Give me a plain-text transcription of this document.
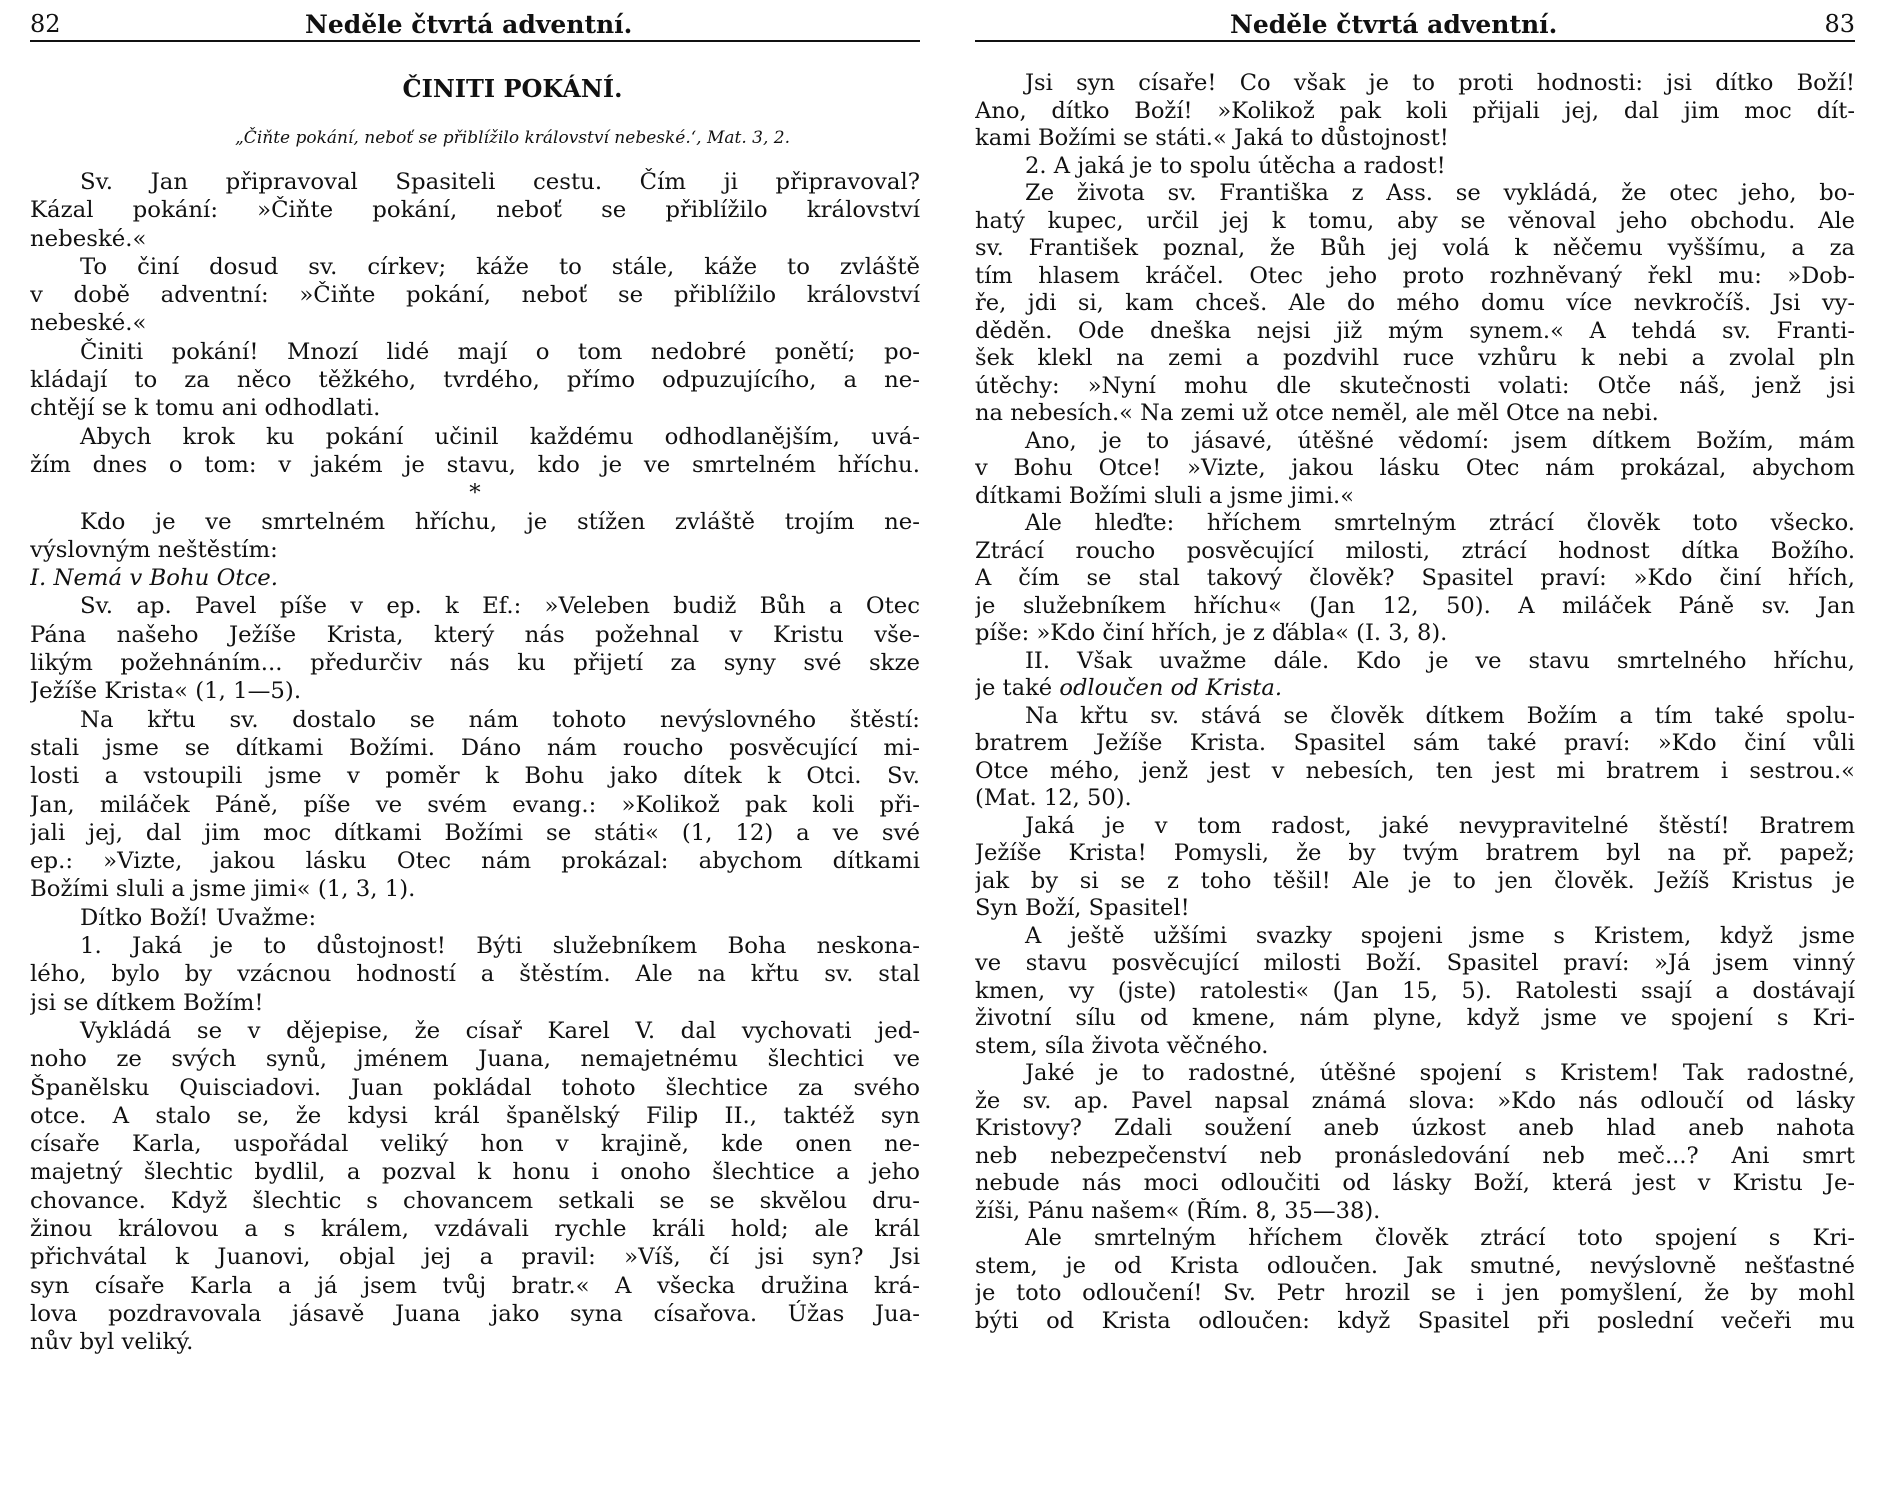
82	Neděle čtvrtá adventní.
ČINITI POKÁNÍ.
„Čiňte pokání, neboť se přiblížilo království nebeské.‘, Mat. 3, 2.
Sv. Jan připravoval Spasiteli cestu. Čím ji připravoval?
Kázal pokání: »Čiňte pokání, neboť se přiblížilo království
nebeské.«
To činí dosud sv. církev; káže to stále, káže to zvláště
v době adventní: »Čiňte pokání, neboť se přiblížilo království
nebeské.«
Činiti pokání! Mnozí lidé mají o tom nedobré ponětí; po-
kládají to za něco těžkého, tvrdého, přímo odpuzujícího, a ne-
chtějí se k tomu ani odhodlati.
Abych krok ku pokání učinil každému odhodlanějším, uvá-
žím dnes o tom: v jakém je stavu, kdo je ve smrtelném hříchu.
*
Kdo je ve smrtelném hříchu, je stížen zvláště trojím ne-
výslovným neštěstím:
I. Nemá v Bohu Otce.
Sv. ap. Pavel píše v ep. k Ef.: »Veleben budiž Bůh a Otec
Pána našeho Ježíše Krista, který nás požehnal v Kristu vše-
likým požehnáním... předurčiv nás ku přijetí za syny své skze
Ježíše Krista« (1, 1—5).
Na křtu sv. dostalo se nám tohoto nevýslovného štěstí:
stali jsme se dítkami Božími. Dáno nám roucho posvěcující mi-
losti a vstoupili jsme v poměr k Bohu jako dítek k Otci. Sv.
Jan, miláček Páně, píše ve svém evang.: »Kolikož pak koli při-
jali jej, dal jim moc dítkami Božími se státi« (1, 12) a ve své
ep.: »Vizte, jakou lásku Otec nám prokázal: abychom dítkami
Božími sluli a jsme jimi« (1, 3, 1).
Dítko Boží! Uvažme:
1. Jaká je to důstojnost! Býti služebníkem Boha neskona-
lého, bylo by vzácnou hodností a štěstím. Ale na křtu sv. stal
jsi se dítkem Božím!
Vykládá se v dějepise, že císař Karel V. dal vychovati jed-
noho ze svých synů, jménem Juana, nemajetnému šlechtici ve
Španělsku Quisciadovi. Juan pokládal tohoto šlechtice za svého
otce. A stalo se, že kdysi král španělský Filip II., taktéž syn
císaře Karla, uspořádal veliký hon v krajině, kde onen ne-
majetný šlechtic bydlil, a pozval k honu i onoho šlechtice a jeho
chovance. Když šlechtic s chovancem setkali se se skvělou dru-
žinou královou a s králem, vzdávali rychle králi hold; ale král
přichvátal k Juanovi, objal jej a pravil: »Víš, čí jsi syn? Jsi
syn císaře Karla a já jsem tvůj bratr.« A všecka družina krá-
lova pozdravovala jásavě Juana jako syna císařova. Úžas Jua-
nův byl veliký.
Neděle čtvrtá adventní.	83
Jsi syn císaře! Co však je to proti hodnosti: jsi dítko Boží!
Ano, dítko Boží! »Kolikož pak koli přijali jej, dal jim moc dít-
kami Božími se státi.« Jaká to důstojnost!
2. A jaká je to spolu útěcha a radost!
Ze života sv. Františka z Ass. se vykládá, že otec jeho, bo-
hatý kupec, určil jej k tomu, aby se věnoval jeho obchodu. Ale
sv. František poznal, že Bůh jej volá k něčemu vyššímu, a za
tím hlasem kráčel. Otec jeho proto rozhněvaný řekl mu: »Dob-
ře, jdi si, kam chceš. Ale do mého domu více nevkročíš. Jsi vy-
děděn. Ode dneška nejsi již mým synem.« A tehdá sv. Franti-
šek klekl na zemi a pozdvihl ruce vzhůru k nebi a zvolal pln
útěchy: »Nyní mohu dle skutečnosti volati: Otče náš, jenž jsi
na nebesích.« Na zemi už otce neměl, ale měl Otce na nebi.
Ano, je to jásavé, útěšné vědomí: jsem dítkem Božím, mám
v Bohu Otce! »Vizte, jakou lásku Otec nám prokázal, abychom
dítkami Božími sluli a jsme jimi.«
Ale hleďte: hříchem smrtelným ztrácí člověk toto všecko.
Ztrácí roucho posvěcující milosti, ztrácí hodnost dítka Božího.
A čím se stal takový člověk? Spasitel praví: »Kdo činí hřích,
je služebníkem hříchu« (Jan 12, 50). A miláček Páně sv. Jan
píše: »Kdo činí hřích, je z ďábla« (I. 3, 8).
II. Však uvažme dále. Kdo je ve stavu smrtelného hříchu,
je také odloučen od Krista.
Na křtu sv. stává se člověk dítkem Božím a tím také spolu-
bratrem Ježíše Krista. Spasitel sám také praví: »Kdo činí vůli
Otce mého, jenž jest v nebesích, ten jest mi bratrem i sestrou.«
(Mat. 12, 50).
Jaká je v tom radost, jaké nevypravitelné štěstí! Bratrem
Ježíše Krista! Pomysli, že by tvým bratrem byl na př. papež;
jak by si se z toho těšil! Ale je to jen člověk. Ježíš Kristus je
Syn Boží, Spasitel!
A ještě užšími svazky spojeni jsme s Kristem, když jsme
ve stavu posvěcující milosti Boží. Spasitel praví: »Já jsem vinný
kmen, vy (jste) ratolesti« (Jan 15, 5). Ratolesti ssají a dostávají
životní sílu od kmene, nám plyne, když jsme ve spojení s Kri-
stem, síla života věčného.
Jaké je to radostné, útěšné spojení s Kristem! Tak radostné,
že sv. ap. Pavel napsal známá slova: »Kdo nás odloučí od lásky
Kristovy? Zdali soužení aneb úzkost aneb hlad aneb nahota
neb nebezpečenství neb pronásledování neb meč...? Ani smrt
nebude nás moci odloučiti od lásky Boží, která jest v Kristu Je-
žíši, Pánu našem« (Řím. 8, 35—38).
Ale smrtelným hříchem člověk ztrácí toto spojení s Kri-
stem, je od Krista odloučen. Jak smutné, nevýslovně nešťastné
je toto odloučení! Sv. Petr hrozil se i jen pomyšlení, že by mohl
býti od Krista odloučen: když Spasitel při poslední večeři mu
